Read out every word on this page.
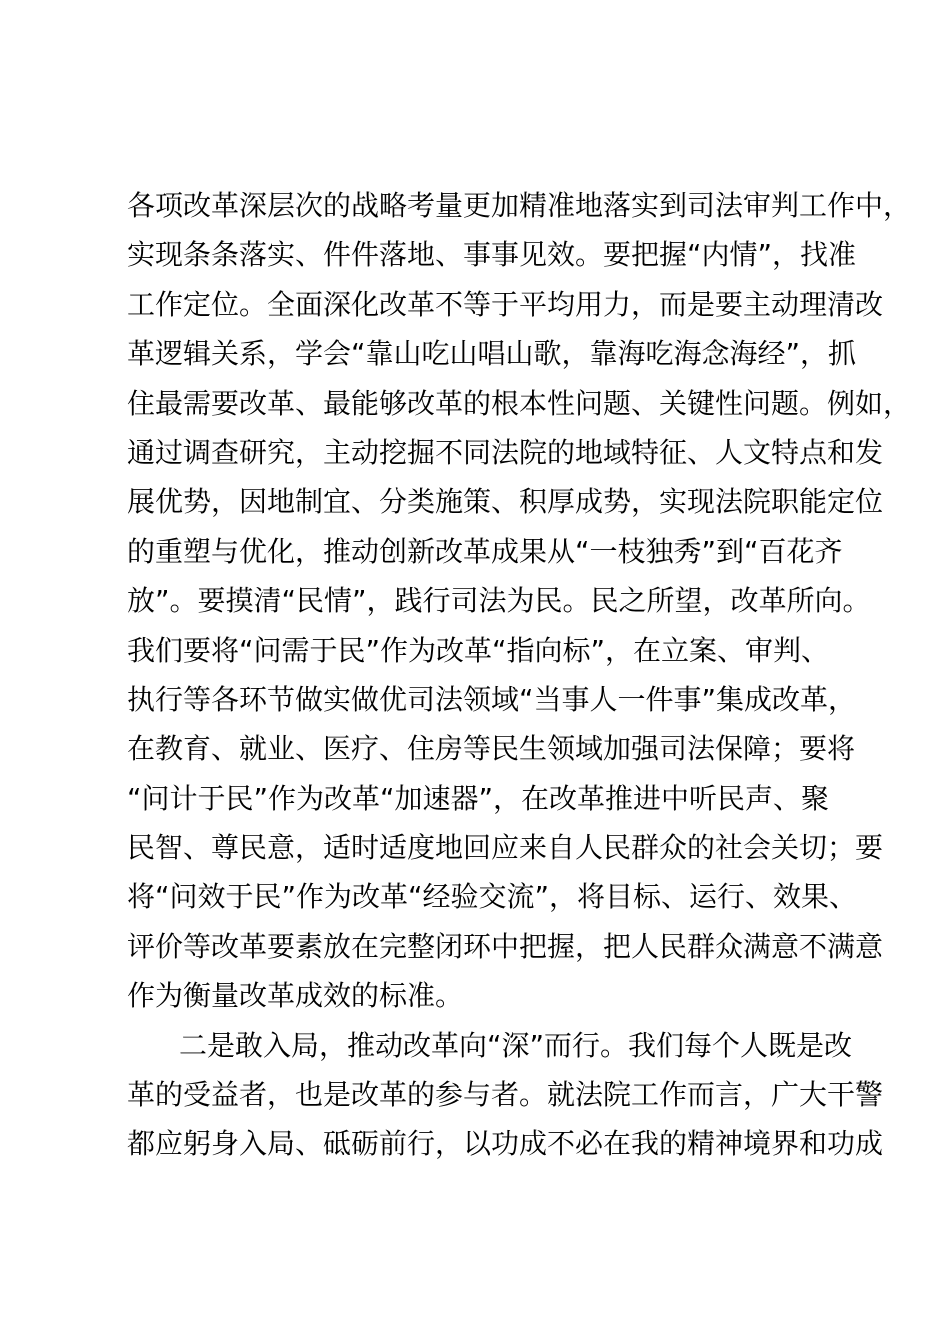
各项改革深层次的战略考量更加精准地落实到司法审判工作中，
实现条条落实、件件落地、事事见效。要把握“内情”，找准
工作定位。全面深化改革不等于平均用力，而是要主动理清改
革逻辑关系，学会“靠山吃山唱山歌，靠海吃海念海经”，抓
住最需要改革、最能够改革的根本性问题、关键性问题。例如，
通过调查研究，主动挖掘不同法院的地域特征、人文特点和发
展优势，因地制宜、分类施策、积厚成势，实现法院职能定位
的重塑与优化，推动创新改革成果从“一枝独秀”到“百花齐
放”。要摸清“民情”，践行司法为民。民之所望，改革所向。
我们要将“问需于民”作为改革“指向标”，在立案、审判、
执行等各环节做实做优司法领域“当事人一件事”集成改革，
在教育、就业、医疗、住房等民生领域加强司法保障；要将
“问计于民”作为改革“加速器”，在改革推进中听民声、聚
民智、尊民意，适时适度地回应来自人民群众的社会关切；要
将“问效于民”作为改革“经验交流”，将目标、运行、效果、
评价等改革要素放在完整闭环中把握，把人民群众满意不满意
作为衡量改革成效的标准。
二是敢入局，推动改革向“深”而行。我们每个人既是改
革的受益者，也是改革的参与者。就法院工作而言，广大干警
都应躬身入局、砥砺前行，以功成不必在我的精神境界和功成
